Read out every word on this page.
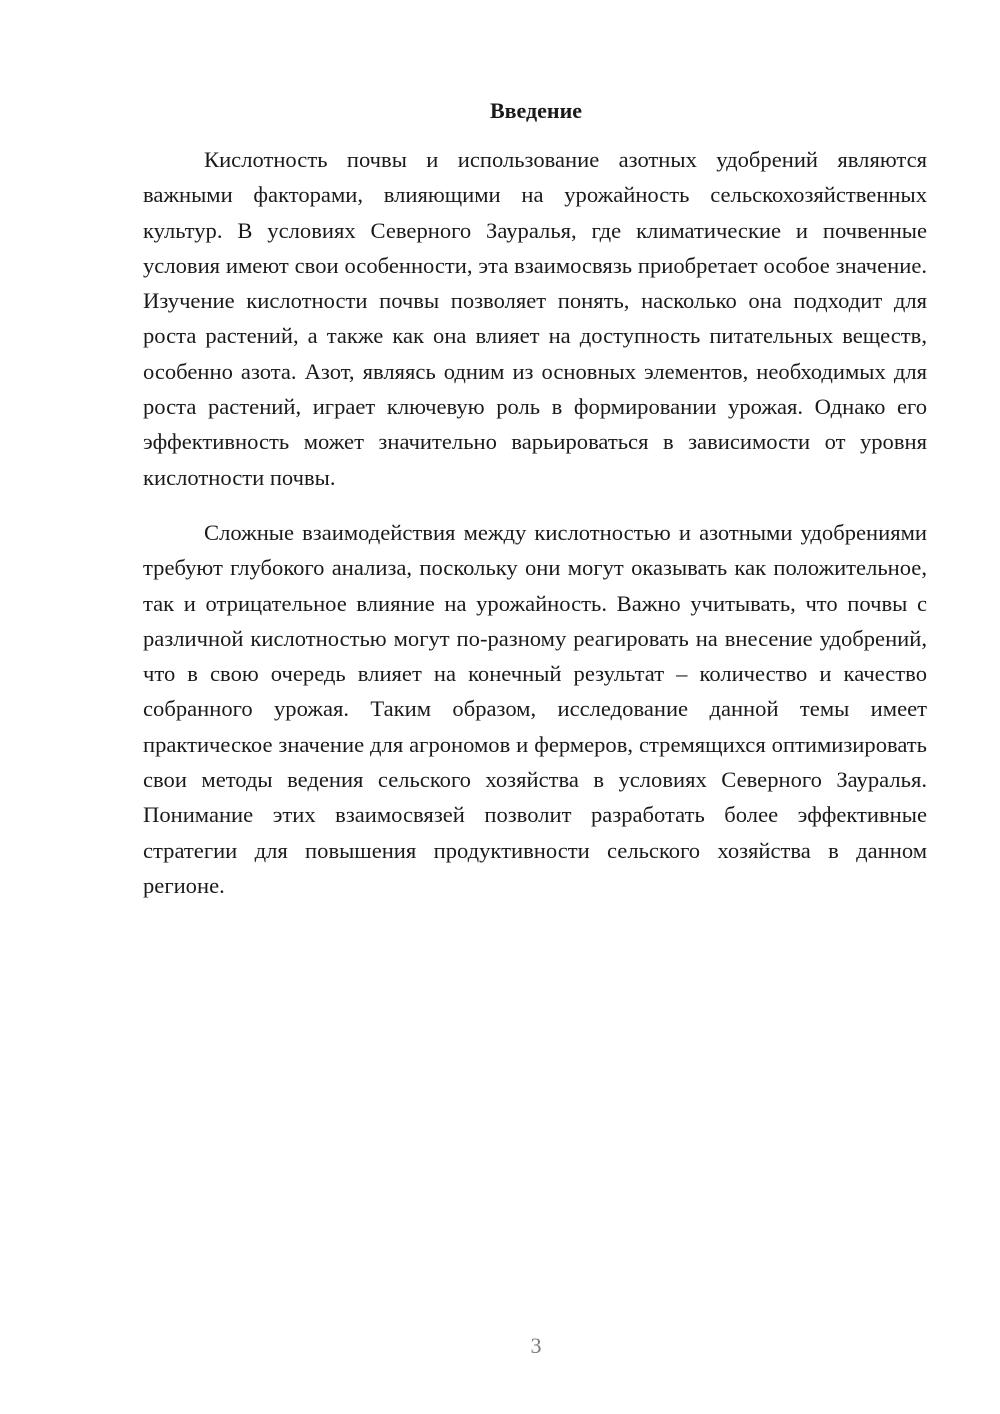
Введение

Кислотность почвы и использование азотных удобрений являются важными факторами, влияющими на урожайность сельскохозяйственных культур. В условиях Северного Зауралья, где климатические и почвенные условия имеют свои особенности, эта взаимосвязь приобретает особое значение. Изучение кислотности почвы позволяет понять, насколько она подходит для роста растений, а также как она влияет на доступность питательных веществ, особенно азота. Азот, являясь одним из основных элементов, необходимых для роста растений, играет ключевую роль в формировании урожая. Однако его эффективность может значительно варьироваться в зависимости от уровня кислотности почвы.

Сложные взаимодействия между кислотностью и азотными удобрениями требуют глубокого анализа, поскольку они могут оказывать как положительное, так и отрицательное влияние на урожайность. Важно учитывать, что почвы с различной кислотностью могут по-разному реагировать на внесение удобрений, что в свою очередь влияет на конечный результат – количество и качество собранного урожая. Таким образом, исследование данной темы имеет практическое значение для агрономов и фермеров, стремящихся оптимизировать свои методы ведения сельского хозяйства в условиях Северного Зауралья. Понимание этих взаимосвязей позволит разработать более эффективные стратегии для повышения продуктивности сельского хозяйства в данном регионе.

3
